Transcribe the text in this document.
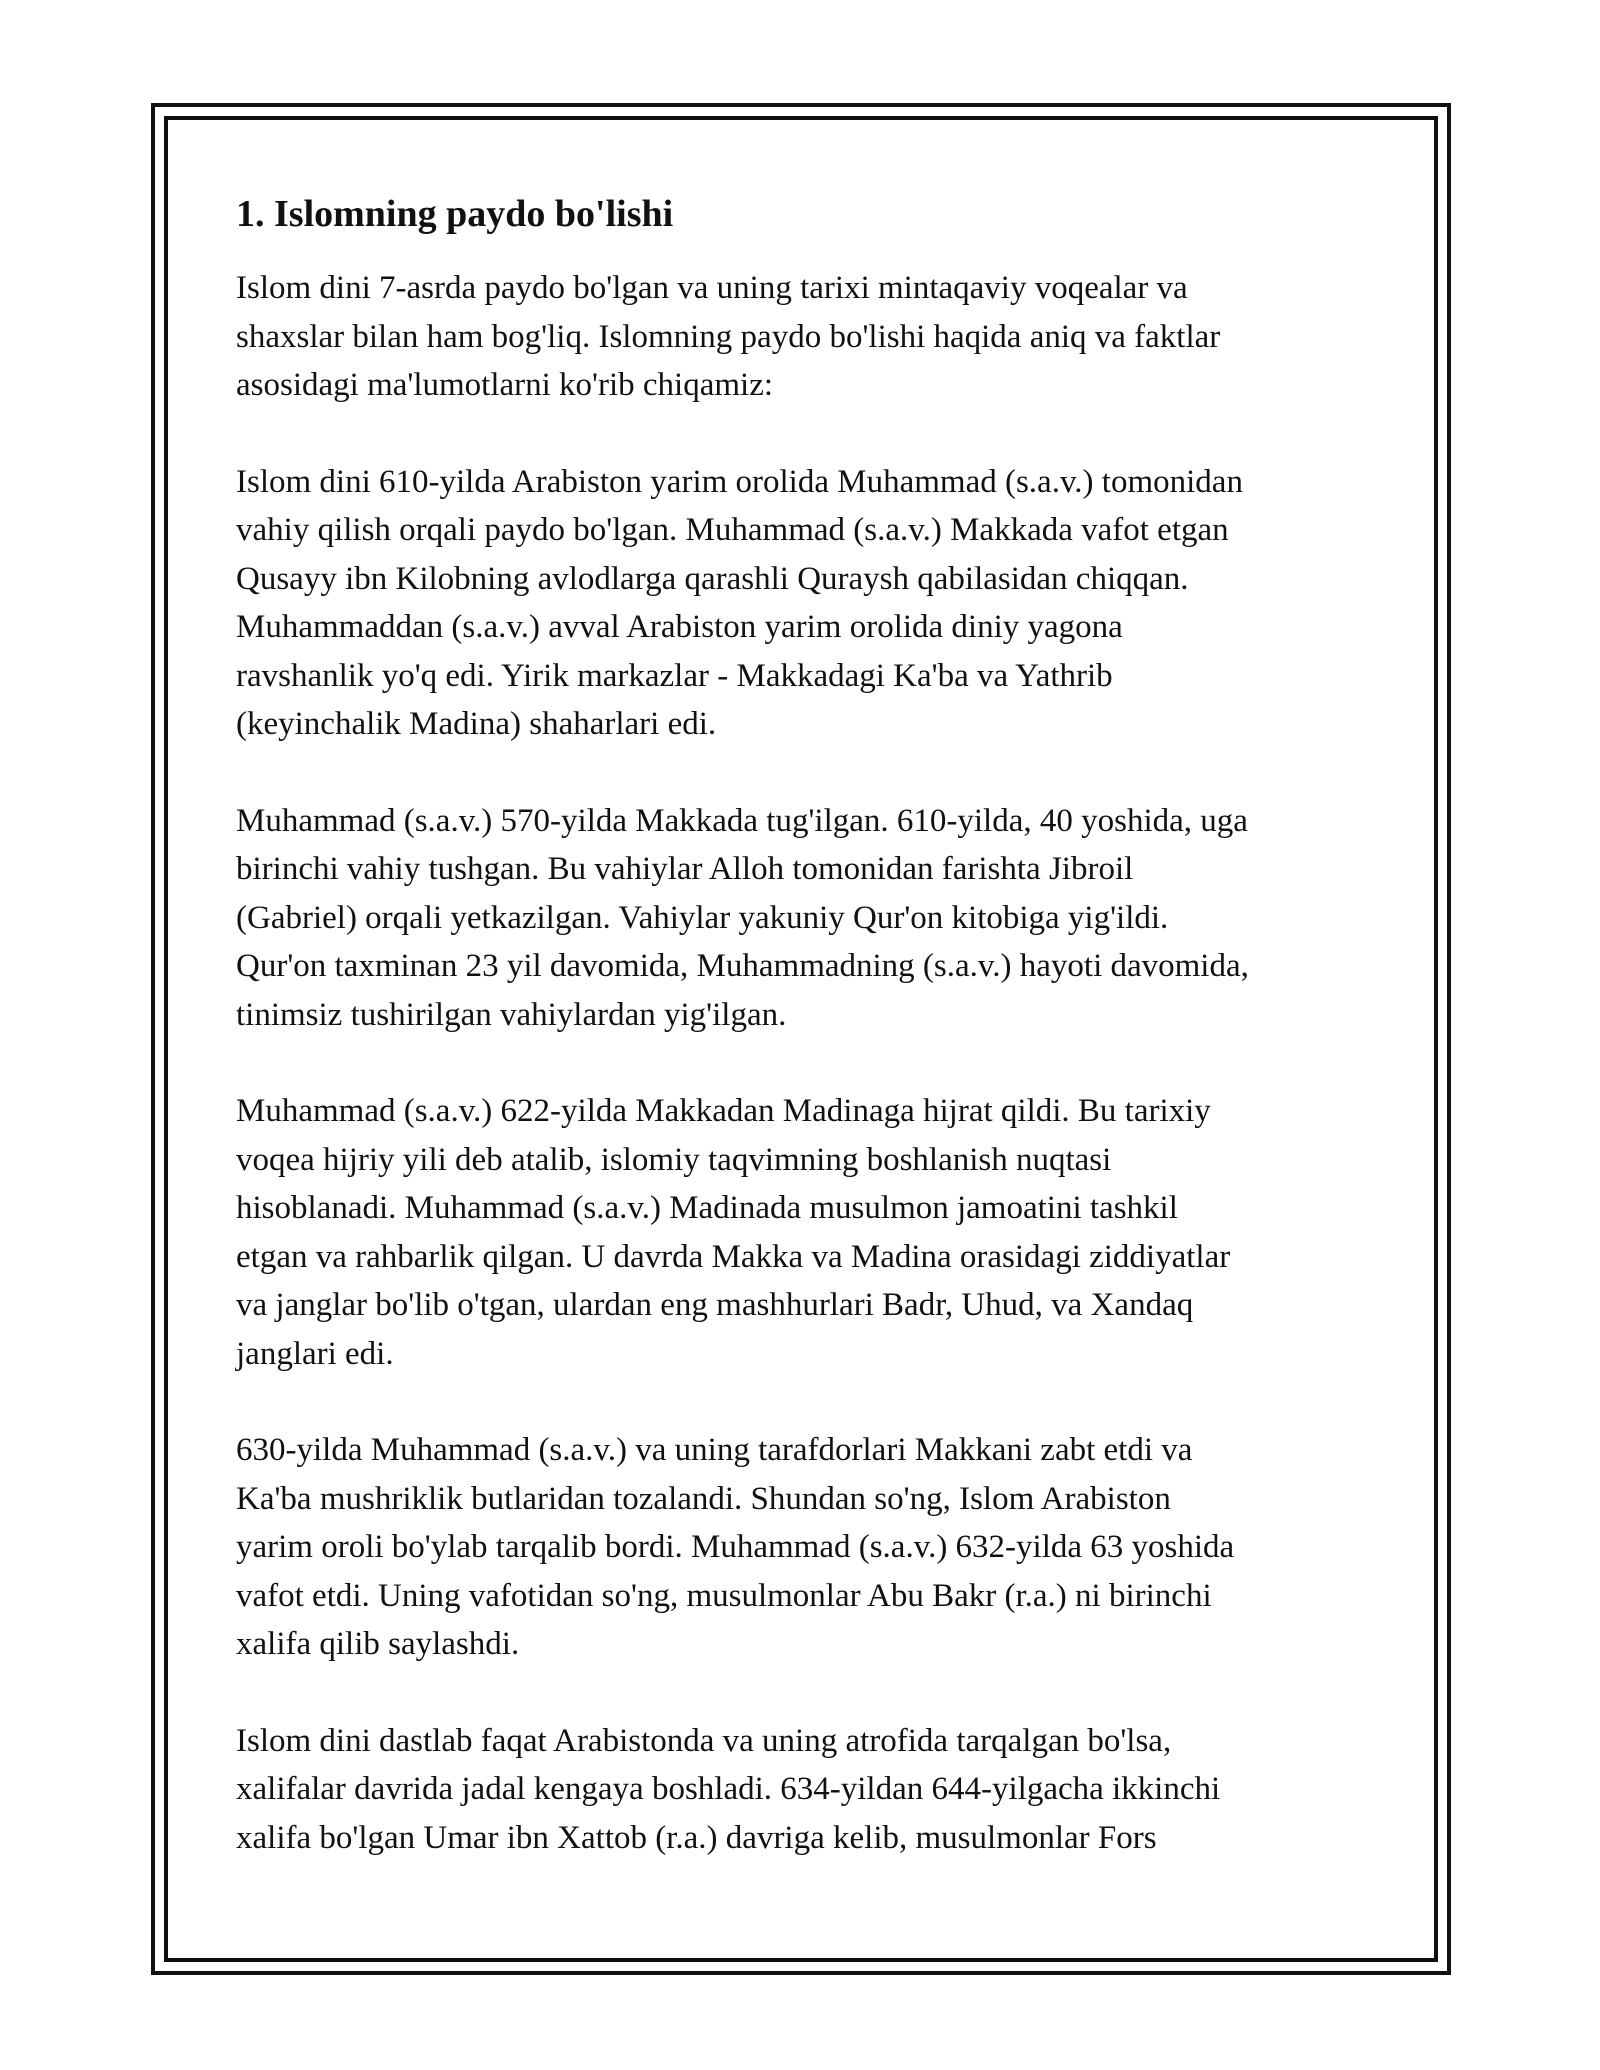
1. Islomning paydo bo'lishi

Islom dini 7-asrda paydo bo'lgan va uning tarixi mintaqaviy voqealar va
shaxslar bilan ham bog'liq. Islomning paydo bo'lishi haqida aniq va faktlar
asosidagi ma'lumotlarni ko'rib chiqamiz:

Islom dini 610-yilda Arabiston yarim orolida Muhammad (s.a.v.) tomonidan
vahiy qilish orqali paydo bo'lgan. Muhammad (s.a.v.) Makkada vafot etgan
Qusayy ibn Kilobning avlodlarga qarashli Quraysh qabilasidan chiqqan.
Muhammaddan (s.a.v.) avval Arabiston yarim orolida diniy yagona
ravshanlik yo'q edi. Yirik markazlar - Makkadagi Ka'ba va Yathrib
(keyinchalik Madina) shaharlari edi.

Muhammad (s.a.v.) 570-yilda Makkada tug'ilgan. 610-yilda, 40 yoshida, uga
birinchi vahiy tushgan. Bu vahiylar Alloh tomonidan farishta Jibroil
(Gabriel) orqali yetkazilgan. Vahiylar yakuniy Qur'on kitobiga yig'ildi.
Qur'on taxminan 23 yil davomida, Muhammadning (s.a.v.) hayoti davomida,
tinimsiz tushirilgan vahiylardan yig'ilgan.

Muhammad (s.a.v.) 622-yilda Makkadan Madinaga hijrat qildi. Bu tarixiy
voqea hijriy yili deb atalib, islomiy taqvimning boshlanish nuqtasi
hisoblanadi. Muhammad (s.a.v.) Madinada musulmon jamoatini tashkil
etgan va rahbarlik qilgan. U davrda Makka va Madina orasidagi ziddiyatlar
va janglar bo'lib o'tgan, ulardan eng mashhurlari Badr, Uhud, va Xandaq
janglari edi.

630-yilda Muhammad (s.a.v.) va uning tarafdorlari Makkani zabt etdi va
Ka'ba mushriklik butlaridan tozalandi. Shundan so'ng, Islom Arabiston
yarim oroli bo'ylab tarqalib bordi. Muhammad (s.a.v.) 632-yilda 63 yoshida
vafot etdi. Uning vafotidan so'ng, musulmonlar Abu Bakr (r.a.) ni birinchi
xalifa qilib saylashdi.

Islom dini dastlab faqat Arabistonda va uning atrofida tarqalgan bo'lsa,
xalifalar davrida jadal kengaya boshladi. 634-yildan 644-yilgacha ikkinchi
xalifa bo'lgan Umar ibn Xattob (r.a.) davriga kelib, musulmonlar Fors
